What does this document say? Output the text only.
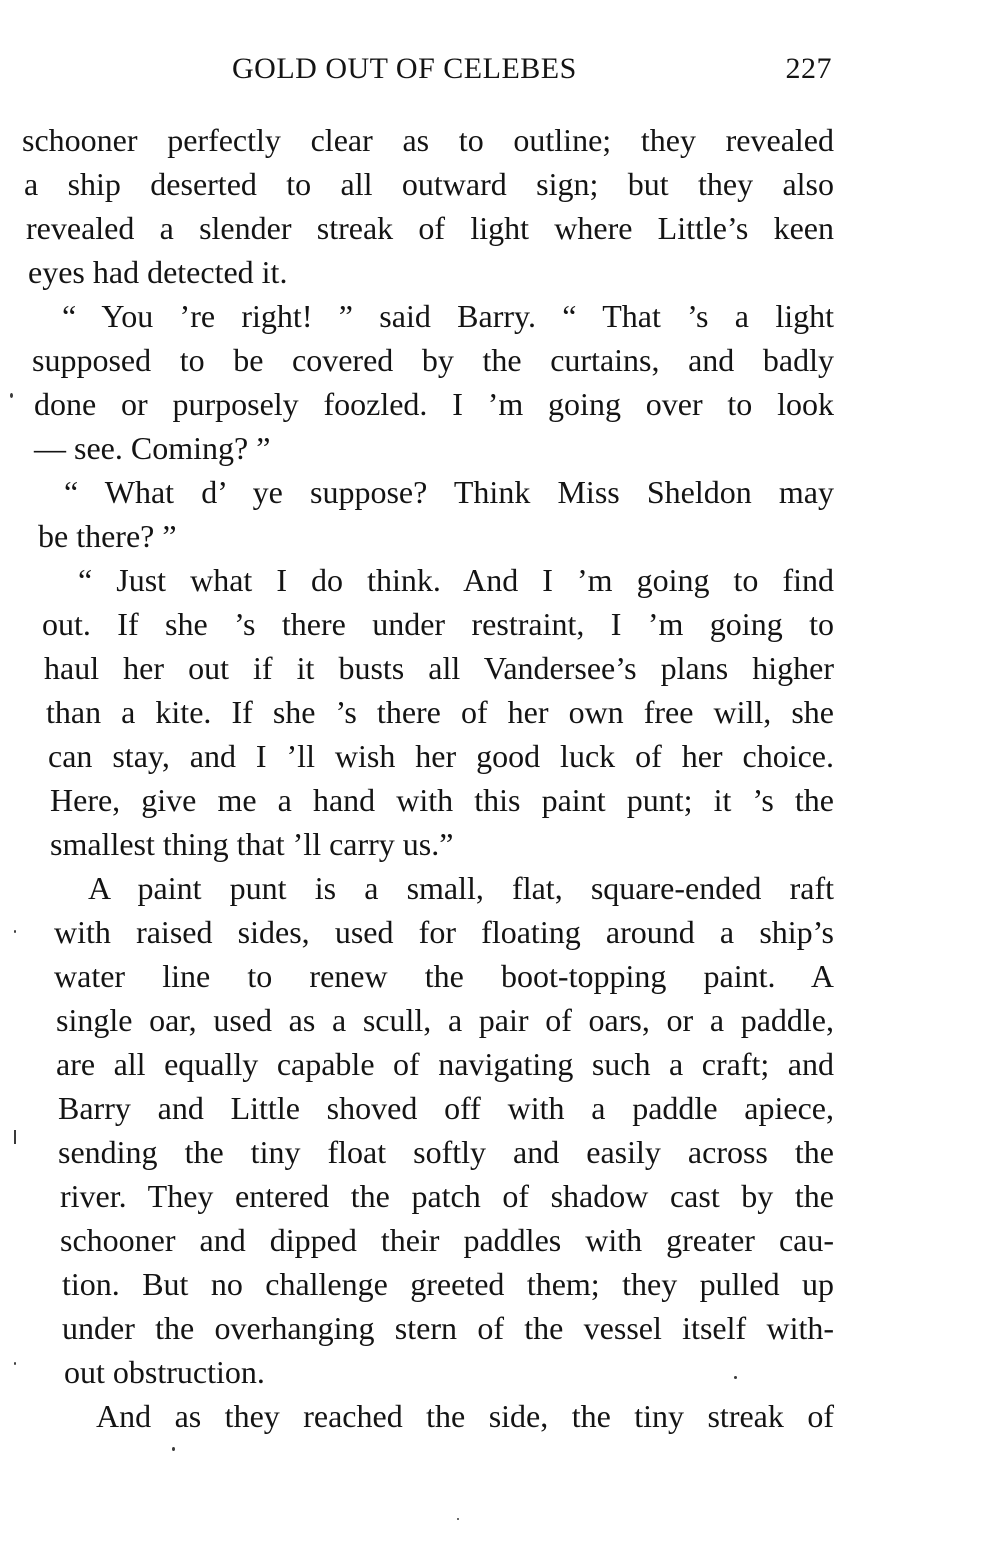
GOLD OUT OF CELEBES	227
schooner perfectly clear as to outline; they revealed
a ship deserted to all outward sign; but they also
revealed a slender streak of light where Little’s keen
eyes had detected it.
“ You ’re right! ” said Barry. “ That ’s a light
supposed to be covered by the curtains, and badly
done or purposely foozled. I ’m going over to look
— see. Coming? ”
“ What d’ ye suppose? Think Miss Sheldon may
be there? ”
“ Just what I do think. And I ’m going to find
out. If she ’s there under restraint, I ’m going to
haul her out if it busts all Vandersee’s plans higher
than a kite. If she ’s there of her own free will, she
can stay, and I ’ll wish her good luck of her choice.
Here, give me a hand with this paint punt; it ’s the
smallest thing that ’ll carry us.”
A paint punt is a small, flat, square-ended raft
with raised sides, used for floating around a ship’s
water line to renew the boot-topping paint. A
single oar, used as a scull, a pair of oars, or a paddle,
are all equally capable of navigating such a craft; and
Barry and Little shoved off with a paddle apiece,
sending the tiny float softly and easily across the
river. They entered the patch of shadow cast by the
schooner and dipped their paddles with greater cau-
tion. But no challenge greeted them; they pulled up
under the overhanging stern of the vessel itself with-
out obstruction.
And as they reached the side, the tiny streak of
